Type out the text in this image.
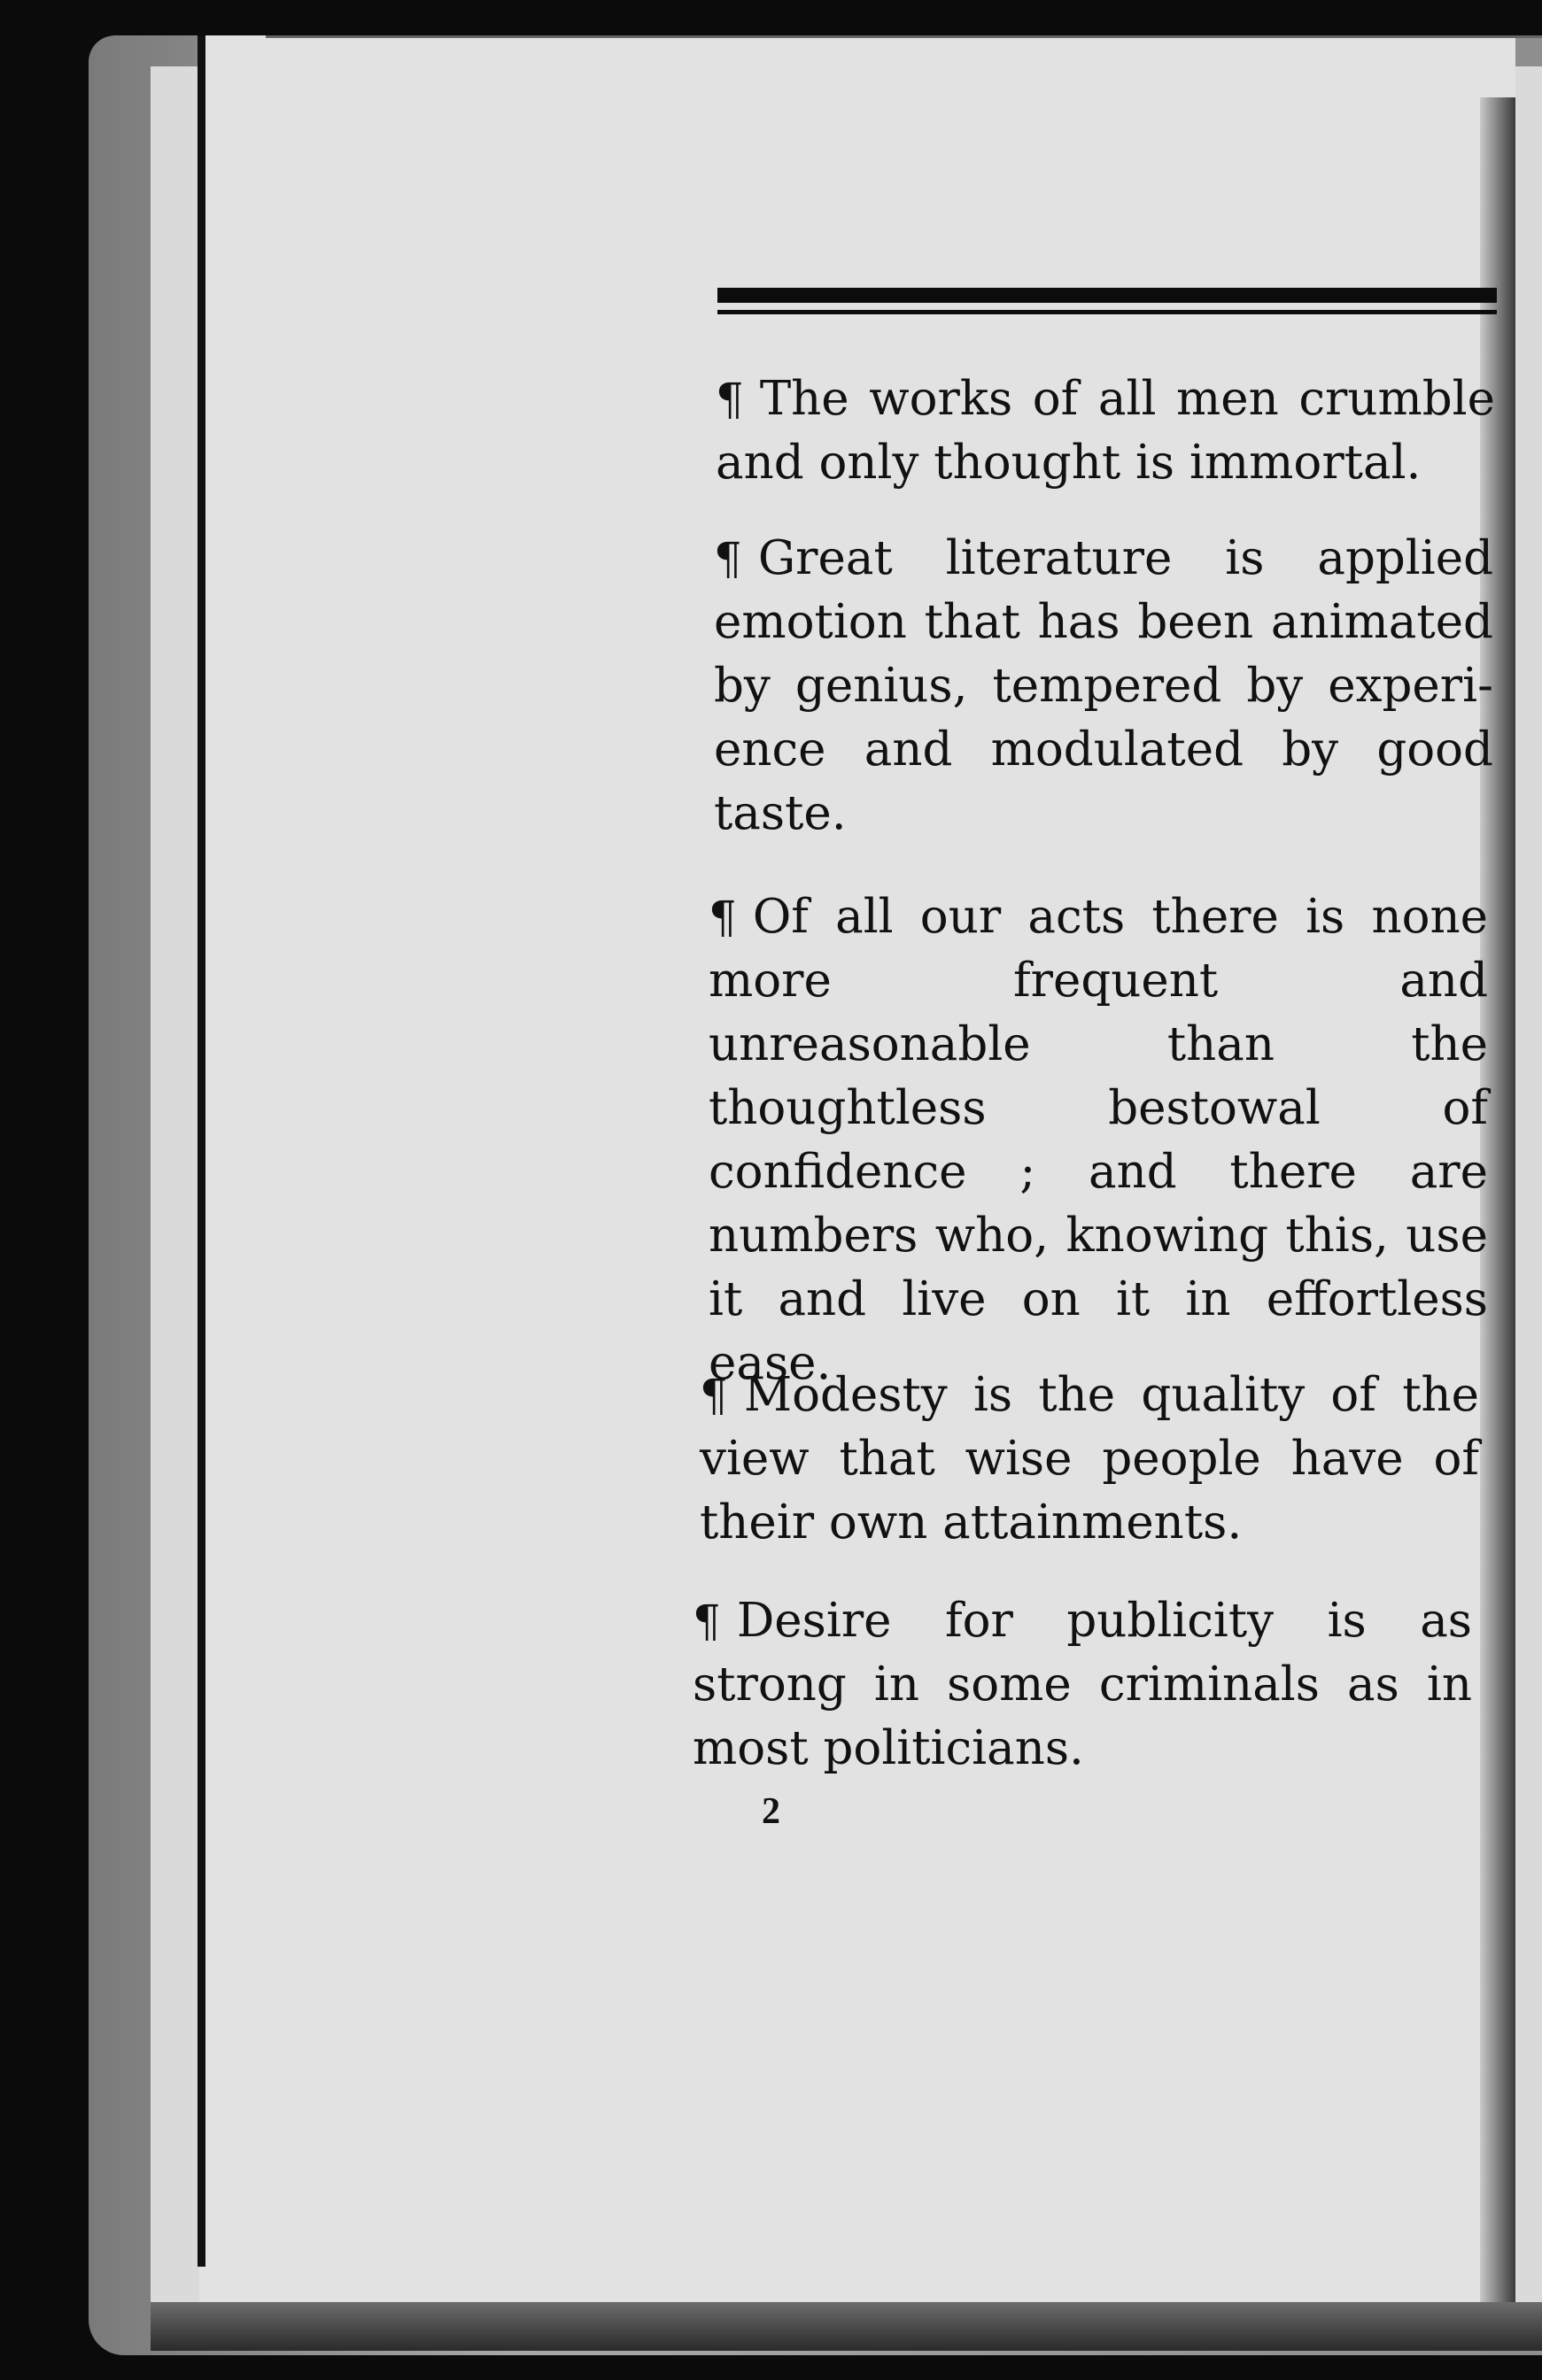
¶ The works of all men crumble and only thought is immortal.

¶ Great literature is applied emotion that has been animated by genius, tempered by experi-ence and modulated by good taste.

¶ Of all our acts there is none more frequent and unreasonable than the thoughtless bestowal of confidence ; and there are numbers who, knowing this, use it and live on it in effortless ease.

¶ Modesty is the quality of the view that wise people have of their own attainments.

¶ Desire for publicity is as strong in some criminals as in most politicians.

2
